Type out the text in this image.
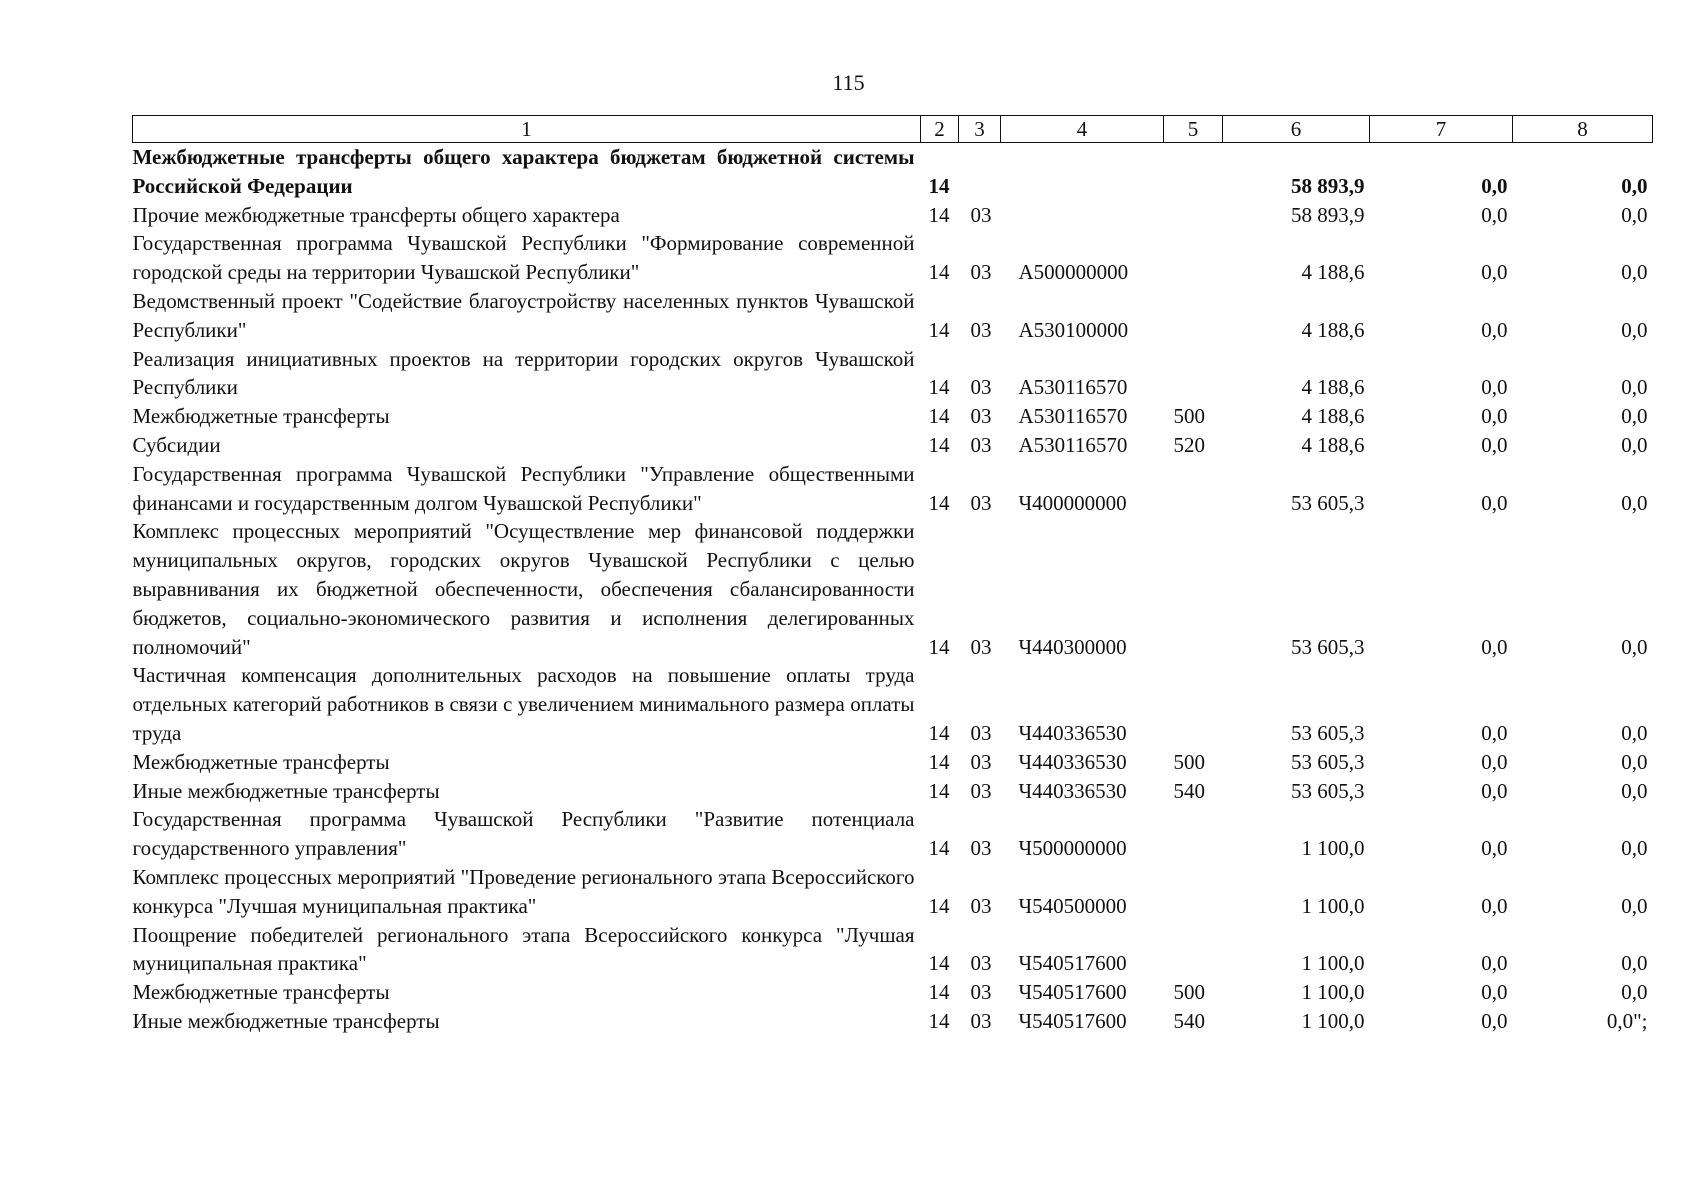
115
1	2	3	4	5	6	7	8
Межбюджетные трансферты общего характера бюджетам бюджетной системы Российской Федерации	14				58 893,9	0,0	0,0
Прочие межбюджетные трансферты общего характера	14	03			58 893,9	0,0	0,0
Государственная программа Чувашской Республики "Формирование современной городской среды на территории Чувашской Республики"	14	03	А500000000		4 188,6	0,0	0,0
Ведомственный проект "Содействие благоустройству населенных пунктов Чувашской Республики"	14	03	А530100000		4 188,6	0,0	0,0
Реализация инициативных проектов на территории городских округов Чувашской Республики	14	03	А530116570		4 188,6	0,0	0,0
Межбюджетные трансферты	14	03	А530116570	500	4 188,6	0,0	0,0
Субсидии	14	03	А530116570	520	4 188,6	0,0	0,0
Государственная программа Чувашской Республики "Управление общественными финансами и государственным долгом Чувашской Республики"	14	03	Ч400000000		53 605,3	0,0	0,0
Комплекс процессных мероприятий "Осуществление мер финансовой поддержки муниципальных округов, городских округов Чувашской Республики с целью выравнивания их бюджетной обеспеченности, обеспечения сбалансированности бюджетов, социально-экономического развития и исполнения делегированных полномочий"	14	03	Ч440300000		53 605,3	0,0	0,0
Частичная компенсация дополнительных расходов на повышение оплаты труда отдельных категорий работников в связи с увеличением минимального размера оплаты труда	14	03	Ч440336530		53 605,3	0,0	0,0
Межбюджетные трансферты	14	03	Ч440336530	500	53 605,3	0,0	0,0
Иные межбюджетные трансферты	14	03	Ч440336530	540	53 605,3	0,0	0,0
Государственная программа Чувашской Республики "Развитие потенциала государственного управления"	14	03	Ч500000000		1 100,0	0,0	0,0
Комплекс процессных мероприятий "Проведение регионального этапа Всероссийского конкурса "Лучшая муниципальная практика"	14	03	Ч540500000		1 100,0	0,0	0,0
Поощрение победителей регионального этапа Всероссийского конкурса "Лучшая муниципальная практика"	14	03	Ч540517600		1 100,0	0,0	0,0
Межбюджетные трансферты	14	03	Ч540517600	500	1 100,0	0,0	0,0
Иные межбюджетные трансферты	14	03	Ч540517600	540	1 100,0	0,0	0,0";
